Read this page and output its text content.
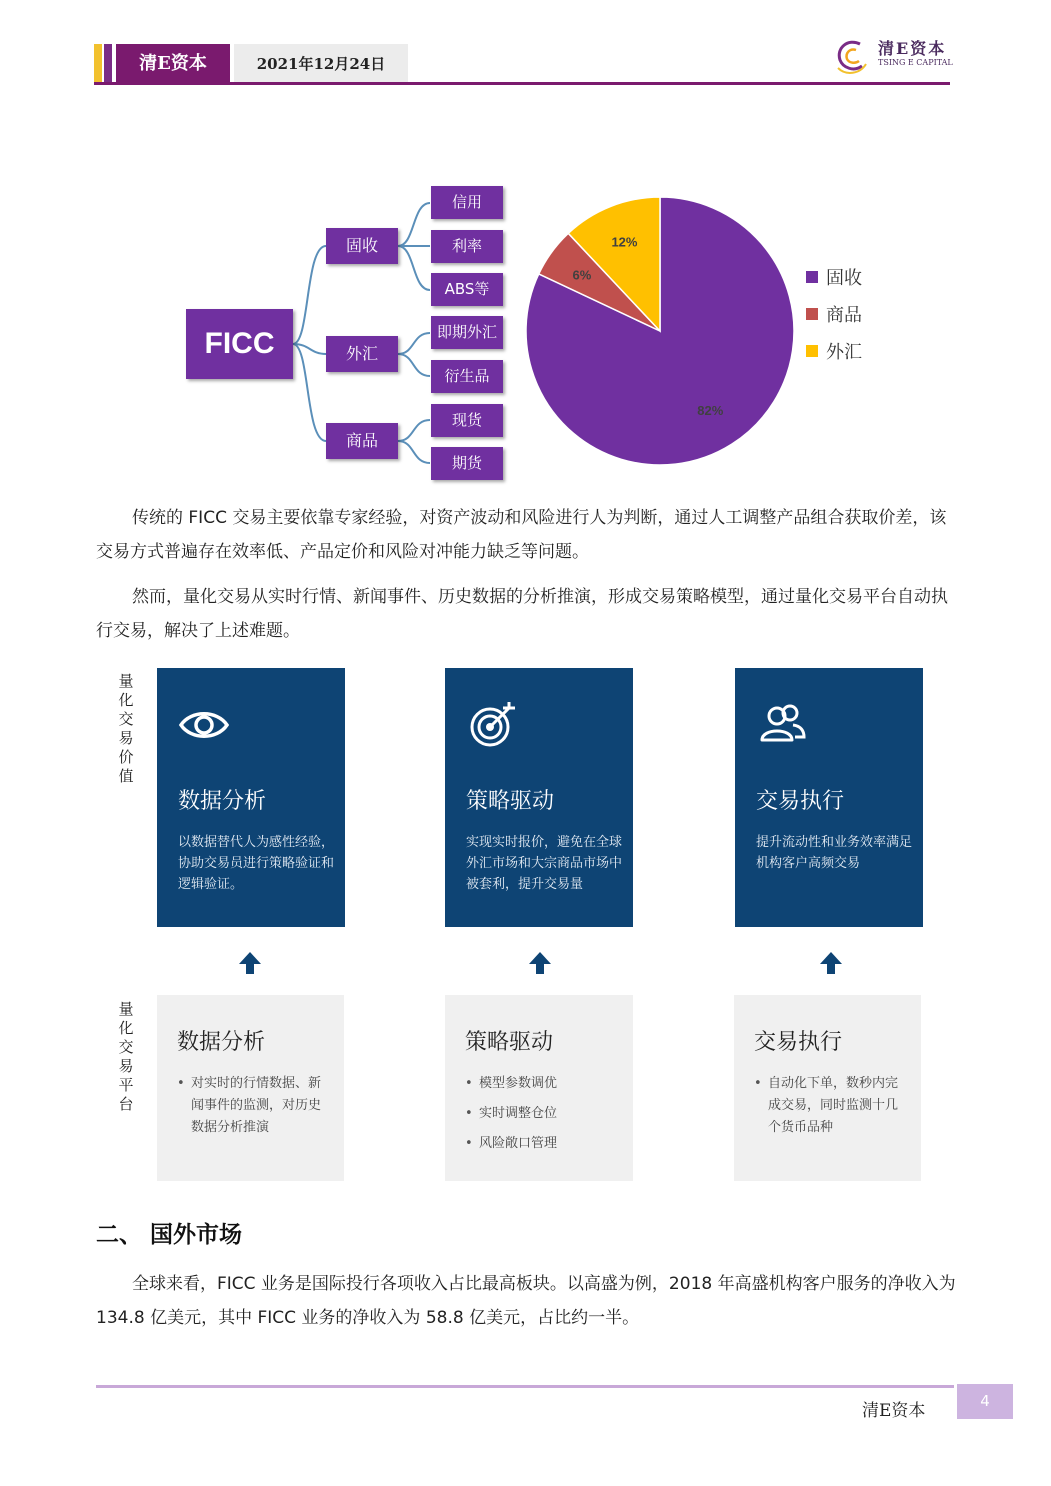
清E资本	2021年12月24日
清E资本
TSING E CAPITAL
FICC
固收
外汇
商品
信用
利率
ABS等
即期外汇
衍生品
现货
期货
82%
6%
12%
固收
商品
外汇

传统的 FICC 交易主要依靠专家经验，对资产波动和风险进行人为判断，通过人工调整产品组合获取价差，该交易方式普遍存在效率低、产品定价和风险对冲能力缺乏等问题。

然而，量化交易从实时行情、新闻事件、历史数据的分析推演，形成交易策略模型，通过量化交易平台自动执行交易，解决了上述难题。

量化交易价值
数据分析
以数据替代人为感性经验，协助交易员进行策略验证和逻辑验证。
策略驱动
实现实时报价，避免在全球外汇市场和大宗商品市场中被套利，提升交易量
交易执行
提升流动性和业务效率满足机构客户高频交易
量化交易平台
数据分析
• 对实时的行情数据、新闻事件的监测，对历史数据分析推演
策略驱动
• 模型参数调优
• 实时调整仓位
• 风险敞口管理
交易执行
• 自动化下单，数秒内完成交易，同时监测十几个货币品种
二、 国外市场

全球来看，FICC 业务是国际投行各项收入占比最高板块。以高盛为例，2018 年高盛机构客户服务的净收入为 134.8 亿美元，其中 FICC 业务的净收入为 58.8 亿美元，占比约一半。

清E资本	4
